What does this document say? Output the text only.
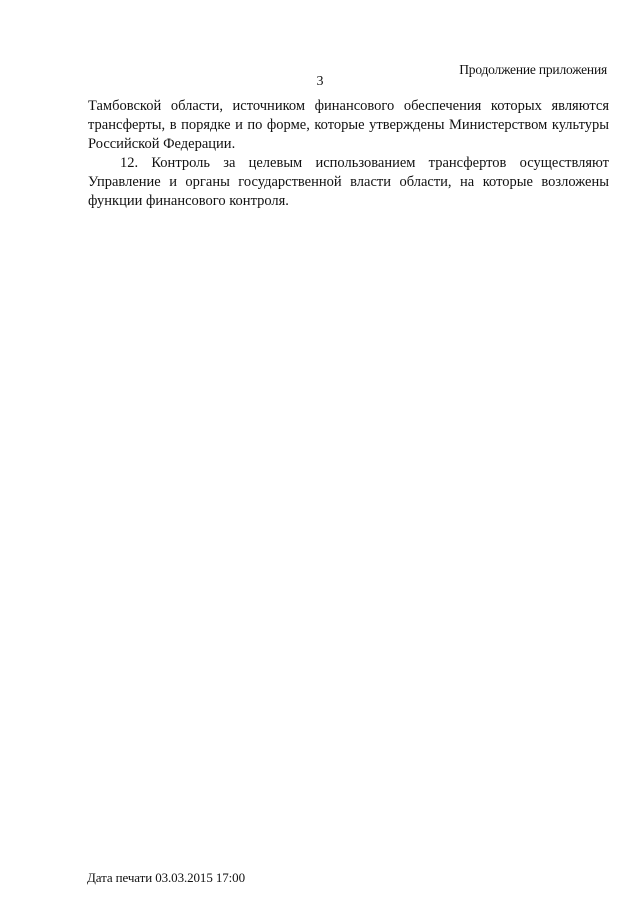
Продолжение приложения
3

Тамбовской области, источником финансового обеспечения которых являются трансферты, в порядке и по форме, которые утверждены Министерством культуры Российской Федерации.

12. Контроль за целевым использованием трансфертов осуществляют Управление и органы государственной власти области, на которые возложены функции финансового контроля.

Дата печати 03.03.2015 17:00
